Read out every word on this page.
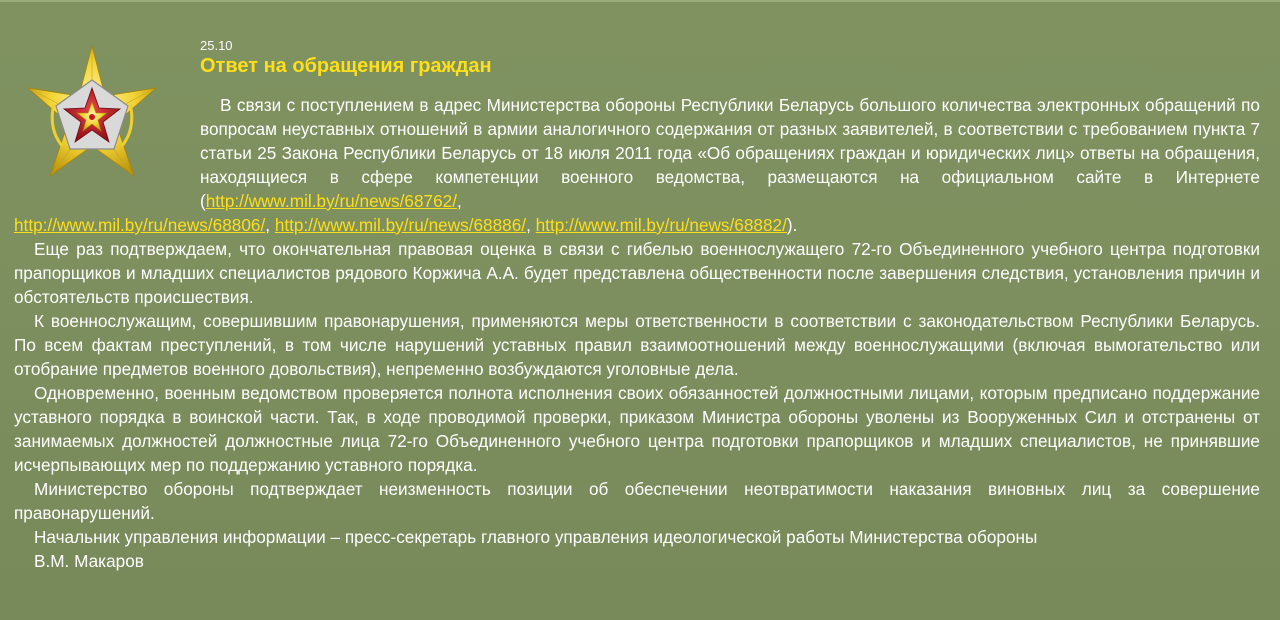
25.10
Ответ на обращения граждан

В связи с поступлением в адрес Министерства обороны Республики Беларусь большого количества электронных обращений по вопросам неуставных отношений в армии аналогичного содержания от разных заявителей, в соответствии с требованием пункта 7 статьи 25 Закона Республики Беларусь от 18 июля 2011 года «Об обращениях граждан и юридических лиц» ответы на обращения, находящиеся в сфере компетенции военного ведомства, размещаются на официальном сайте в Интернете (http://www.mil.by/ru/news/68762/,

http://www.mil.by/ru/news/68806/, http://www.mil.by/ru/news/68886/, http://www.mil.by/ru/news/68882/).

Еще раз подтверждаем, что окончательная правовая оценка в связи с гибелью военнослужащего 72-го Объединенного учебного центра подготовки прапорщиков и младших специалистов рядового Коржича А.А. будет представлена общественности после завершения следствия, установления причин и обстоятельств происшествия.

К военнослужащим, совершившим правонарушения, применяются меры ответственности в соответствии с законодательством Республики Беларусь. По всем фактам преступлений, в том числе нарушений уставных правил взаимоотношений между военнослужащими (включая вымогательство или отобрание предметов военного довольствия), непременно возбуждаются уголовные дела.

Одновременно, военным ведомством проверяется полнота исполнения своих обязанностей должностными лицами, которым предписано поддержание уставного порядка в воинской части. Так, в ходе проводимой проверки, приказом Министра обороны уволены из Вооруженных Сил и отстранены от занимаемых должностей должностные лица 72-го Объединенного учебного центра подготовки прапорщиков и младших специалистов, не принявшие исчерпывающих мер по поддержанию уставного порядка.

Министерство обороны подтверждает неизменность позиции об обеспечении неотвратимости наказания виновных лиц за совершение правонарушений.

Начальник управления информации – пресс-секретарь главного управления идеологической работы Министерства обороны

В.М. Макаров
